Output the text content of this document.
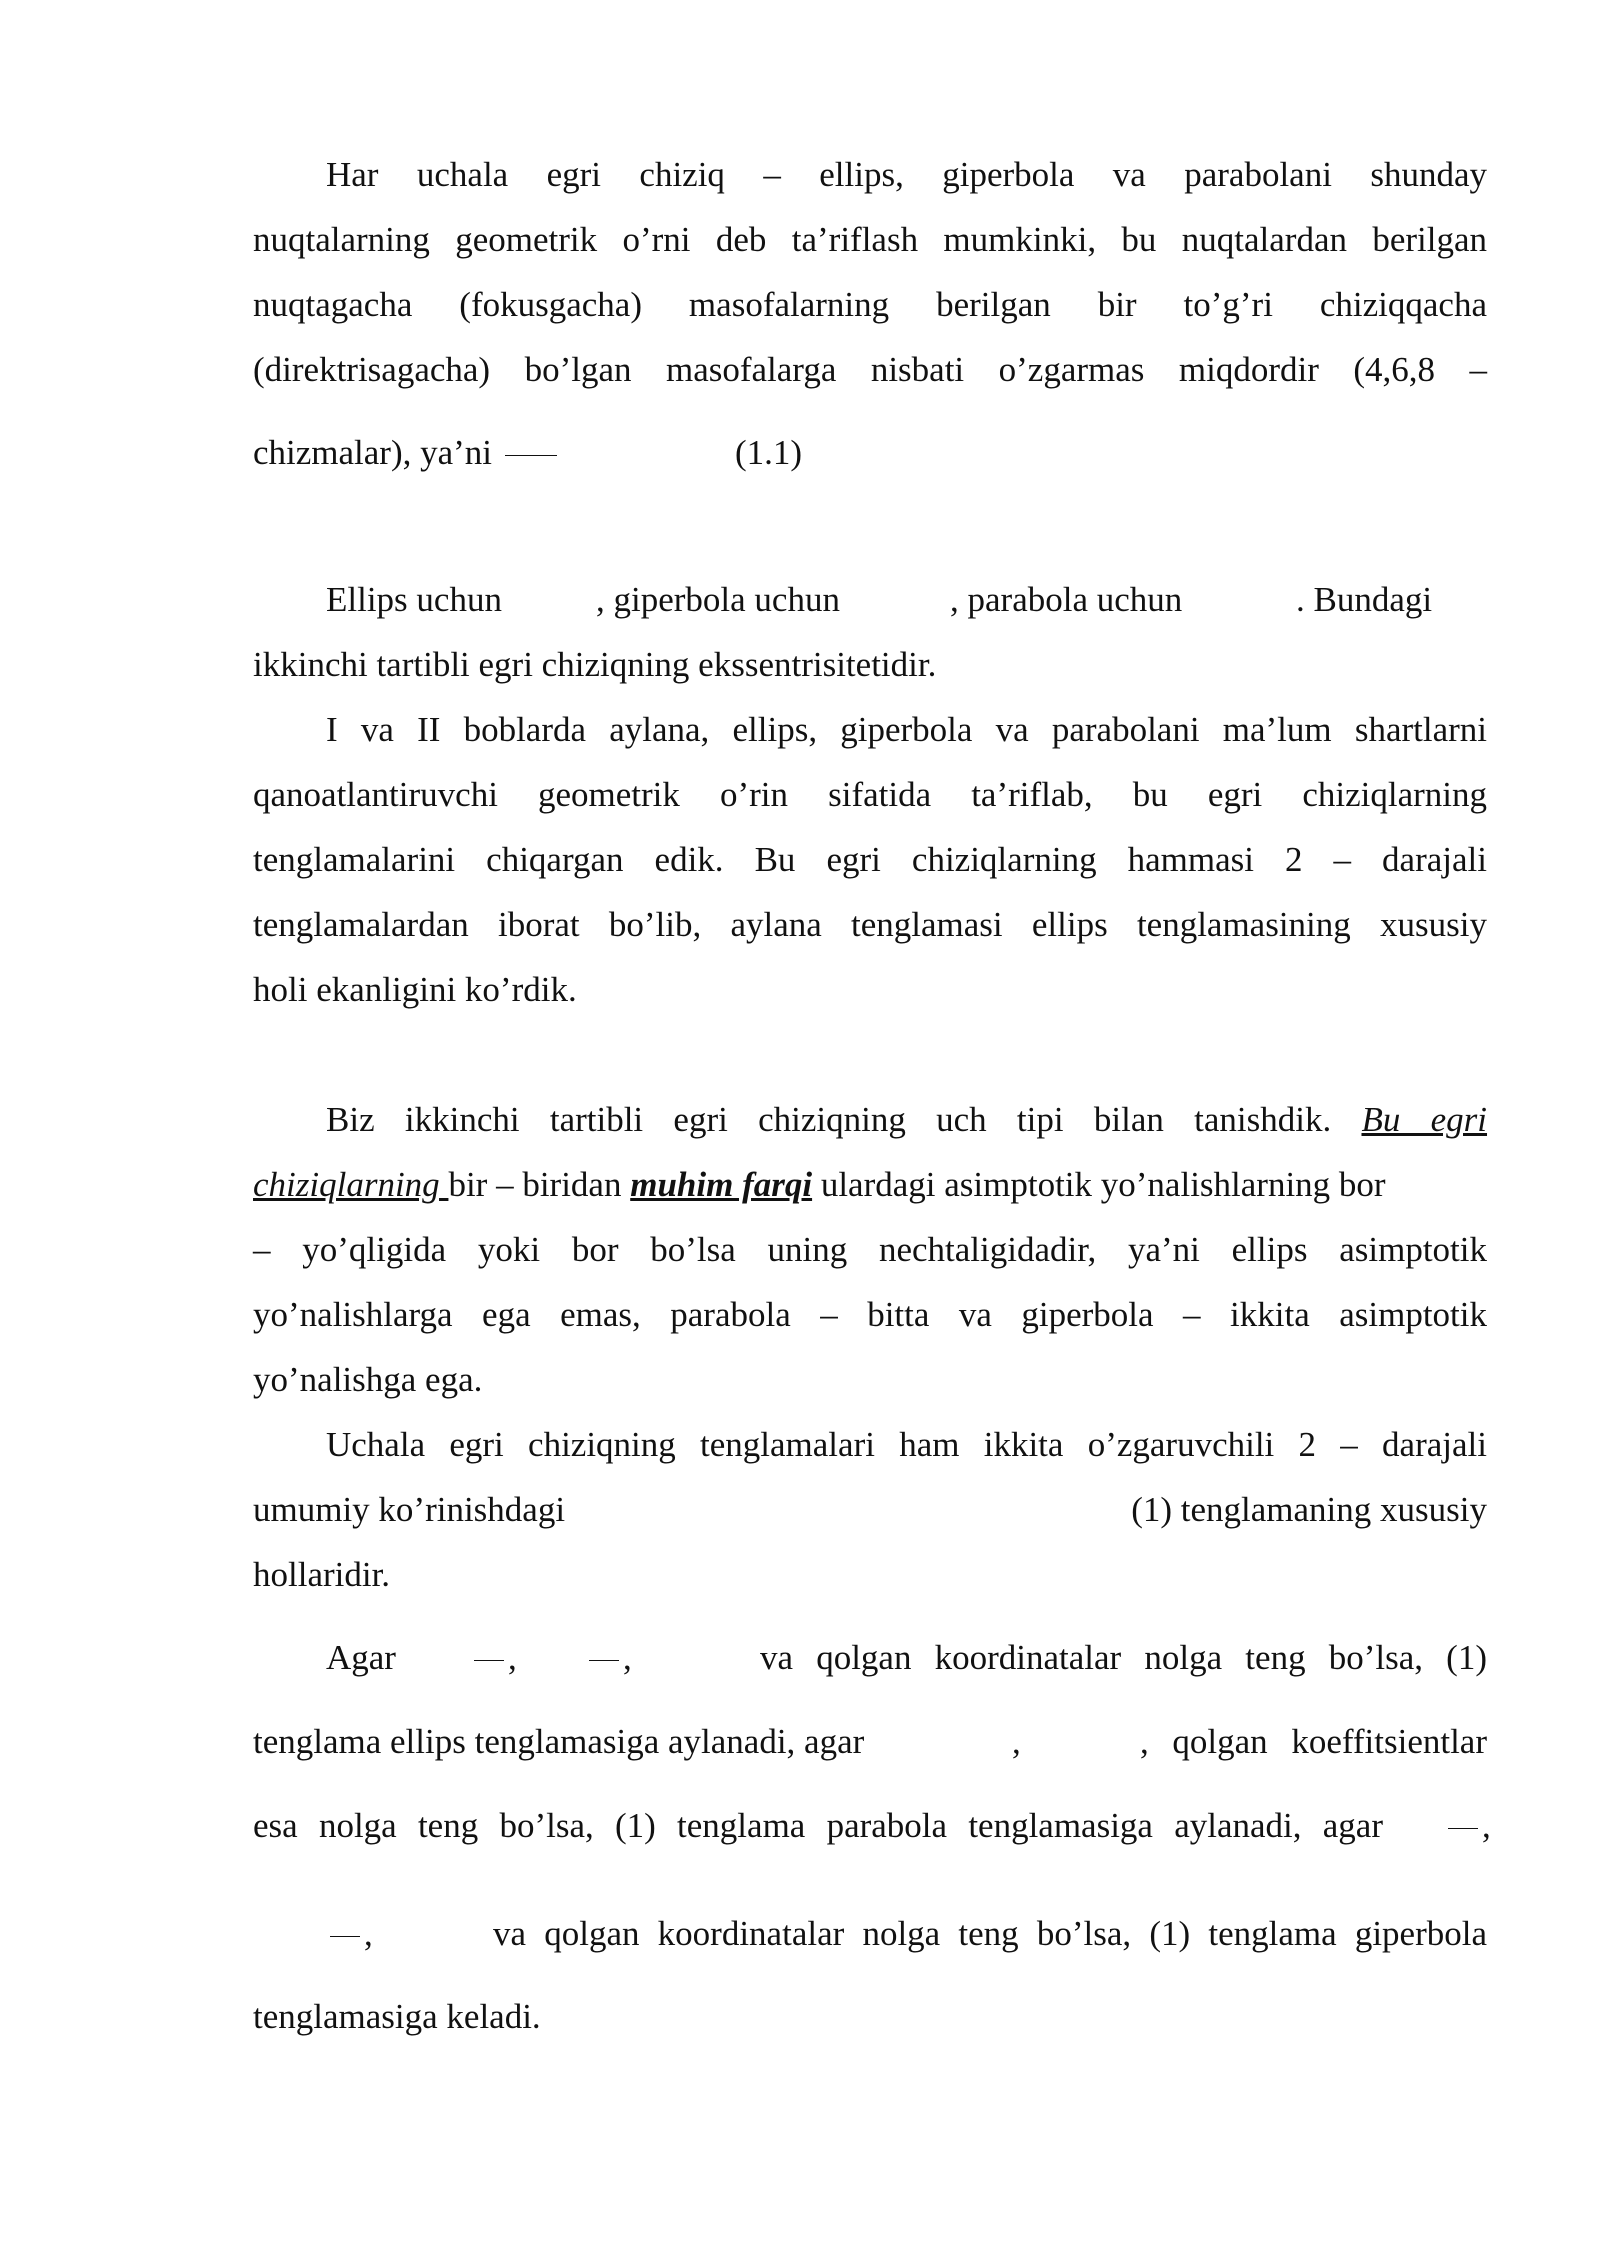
Har uchala egri chiziq – ellips, giperbola va parabolani shunday
nuqtalarning geometrik o’rni deb ta’riflash mumkinki, bu nuqtalardan berilgan
nuqtagacha (fokusgacha) masofalarning berilgan bir to’g’ri chiziqqacha
(direktrisagacha) bo’lgan masofalarga nisbati o’zgarmas miqdordir (4,6,8 –
chizmalar), ya’ni	(1.1)
Ellips uchun	, giperbola uchun	, parabola uchun	. Bundagi
ikkinchi tartibli egri chiziqning ekssentrisitetidir.
I va II boblarda aylana, ellips, giperbola va parabolani ma’lum shartlarni
qanoatlantiruvchi geometrik o’rin sifatida ta’riflab, bu egri chiziqlarning
tenglamalarini chiqargan edik. Bu egri chiziqlarning hammasi 2 – darajali
tenglamalardan iborat bo’lib, aylana tenglamasi ellips tenglamasining xususiy
holi ekanligini ko’rdik.
Biz ikkinchi tartibli egri chiziqning uch tipi bilan tanishdik. Bu egri
chiziqlarning bir – biridan muhim farqi ulardagi asimptotik yo’nalishlarning bor
– yo’qligida yoki bor bo’lsa uning nechtaligidadir, ya’ni ellips asimptotik
yo’nalishlarga ega emas, parabola – bitta va giperbola – ikkita asimptotik
yo’nalishga ega.
Uchala egri chiziqning tenglamalari ham ikkita o’zgaruvchili 2 – darajali
umumiy ko’rinishdagi	(1) tenglamaning xususiy
hollaridir.
Agar	,	,	va qolgan koordinatalar nolga teng bo’lsa, (1)
tenglama ellips tenglamasiga aylanadi, agar	,	, qolgan koeffitsientlar
esa nolga teng bo’lsa, (1) tenglama parabola tenglamasiga aylanadi, agar	,
,	va qolgan koordinatalar nolga teng bo’lsa, (1) tenglama giperbola
tenglamasiga keladi.
